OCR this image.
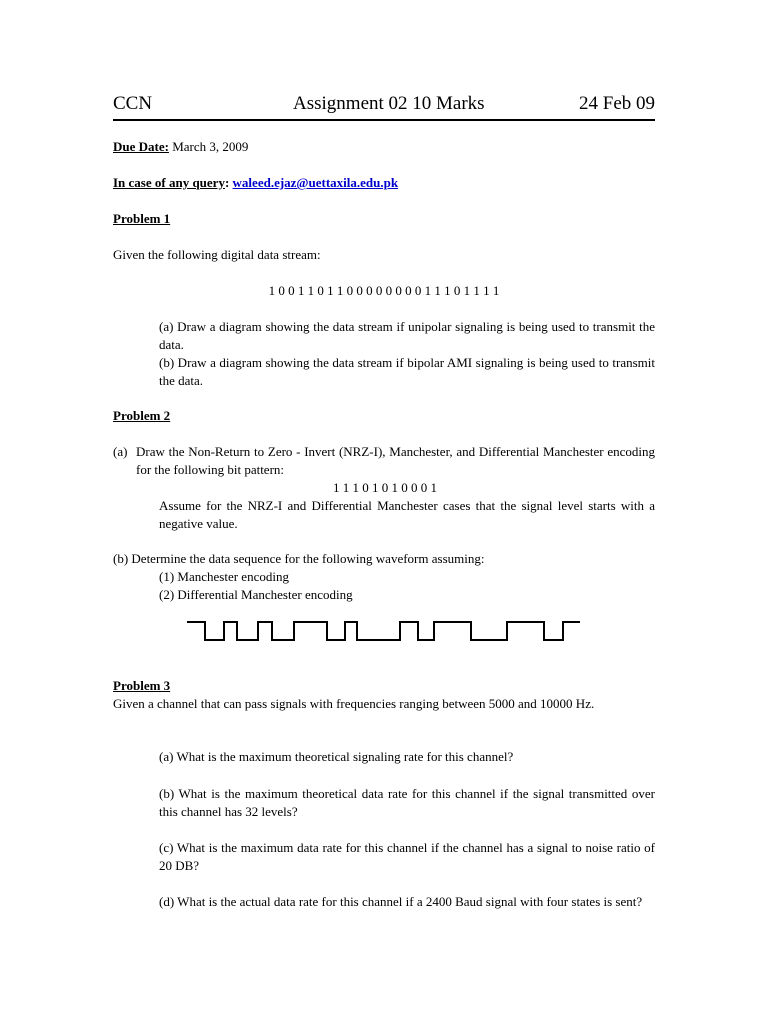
CCN	Assignment 02 10 Marks	24 Feb 09
Due Date: March 3, 2009
In case of any query: waleed.ejaz@uettaxila.edu.pk
Problem 1
Given the following digital data stream:
1 0 0 1 1 0 1 1 0 0 0 0 0 0 0 0 1 1 1 0 1 1 1 1
(a) Draw a diagram showing the data stream if unipolar signaling is being used to transmit the data.
(b) Draw a diagram showing the data stream if bipolar AMI signaling is being used to transmit the data.
Problem 2
(a) Draw the Non-Return to Zero - Invert (NRZ-I), Manchester, and Differential Manchester encoding for the following bit pattern:
1 1 1 0 1 0 1 0 0 0 1
Assume for the NRZ-I and Differential Manchester cases that the signal level starts with a negative value.
(b) Determine the data sequence for the following waveform assuming:
(1) Manchester encoding
(2) Differential Manchester encoding
Problem 3
Given a channel that can pass signals with frequencies ranging between 5000 and 10000 Hz.
(a) What is the maximum theoretical signaling rate for this channel?
(b) What is the maximum theoretical data rate for this channel if the signal transmitted over this channel has 32 levels?
(c) What is the maximum data rate for this channel if the channel has a signal to noise ratio of 20 DB?
(d) What is the actual data rate for this channel if a 2400 Baud signal with four states is sent?
